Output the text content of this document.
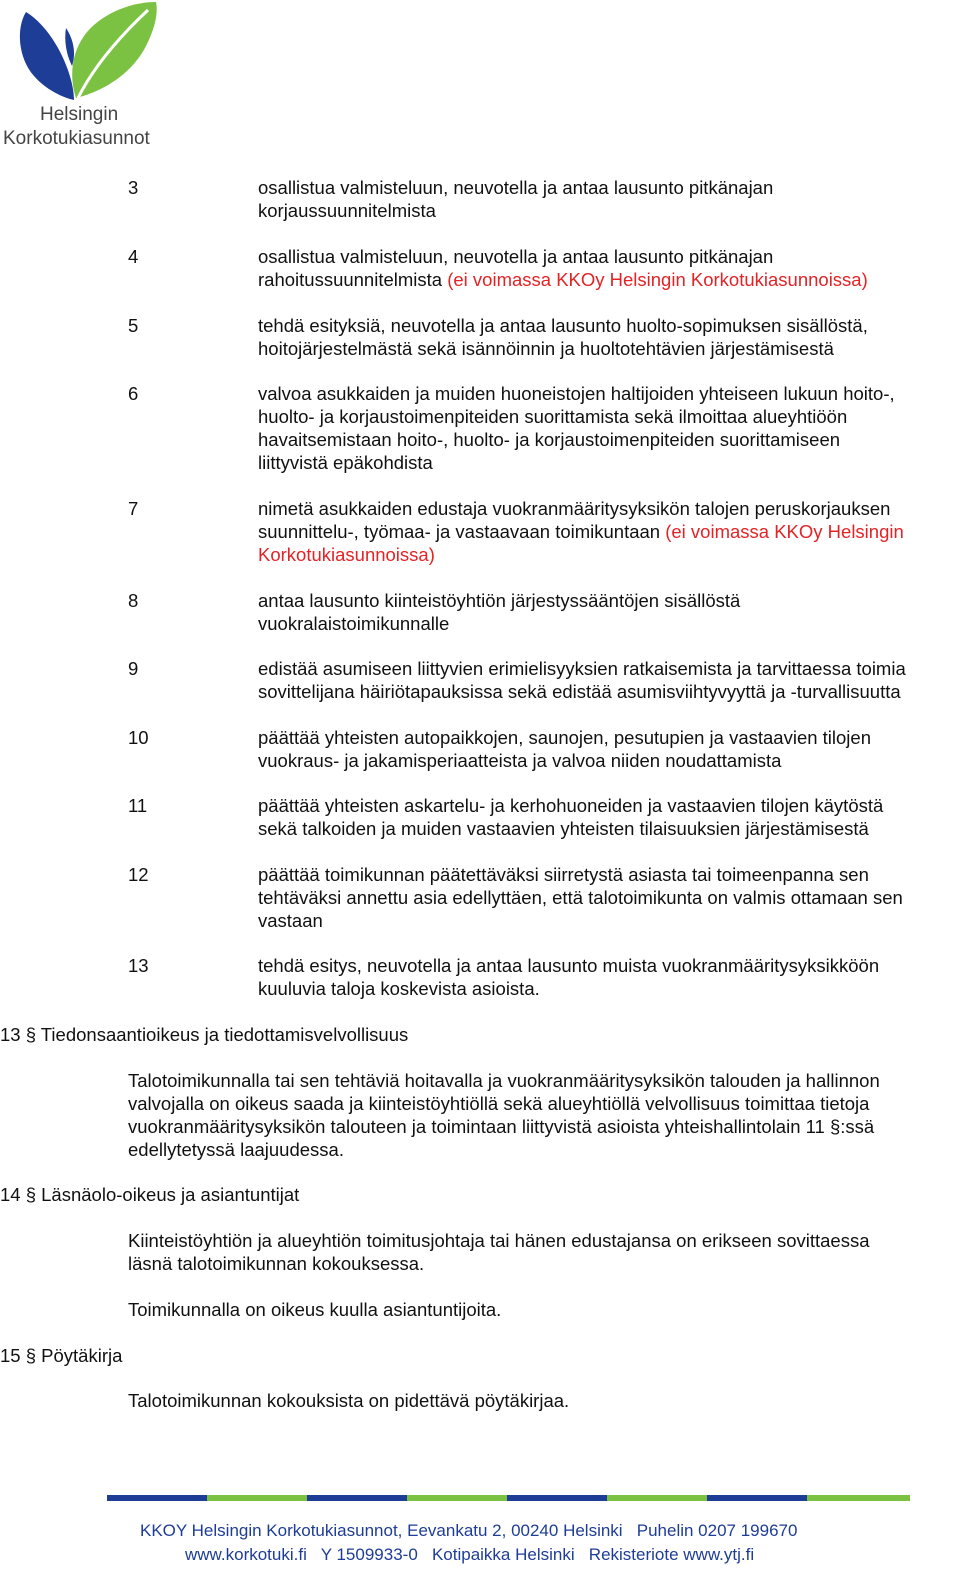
Helsingin
Korkotukiasunnot
3	osallistua valmisteluun, neuvotella ja antaa lausunto pitkänajan
korjaussuunnitelmista
4	osallistua valmisteluun, neuvotella ja antaa lausunto pitkänajan
rahoitussuunnitelmista (ei voimassa KKOy Helsingin Korkotukiasunnoissa)
5	tehdä esityksiä, neuvotella ja antaa lausunto huolto-sopimuksen sisällöstä,
hoitojärjestelmästä sekä isännöinnin ja huoltotehtävien järjestämisestä
6	valvoa asukkaiden ja muiden huoneistojen haltijoiden yhteiseen lukuun hoito-,
huolto- ja korjaustoimenpiteiden suorittamista sekä ilmoittaa alueyhtiöön
havaitsemistaan hoito-, huolto- ja korjaustoimenpiteiden suorittamiseen
liittyvistä epäkohdista
7	nimetä asukkaiden edustaja vuokranmääritysyksikön talojen peruskorjauksen
suunnittelu-, työmaa- ja vastaavaan toimikuntaan (ei voimassa KKOy Helsingin
Korkotukiasunnoissa)
8	antaa lausunto kiinteistöyhtiön järjestyssääntöjen sisällöstä
vuokralaistoimikunnalle
9	edistää asumiseen liittyvien erimielisyyksien ratkaisemista ja tarvittaessa toimia
sovittelijana häiriötapauksissa sekä edistää asumisviihtyvyyttä ja -turvallisuutta
10	päättää yhteisten autopaikkojen, saunojen, pesutupien ja vastaavien tilojen
vuokraus- ja jakamisperiaatteista ja valvoa niiden noudattamista
11	päättää yhteisten askartelu- ja kerhohuoneiden ja vastaavien tilojen käytöstä
sekä talkoiden ja muiden vastaavien yhteisten tilaisuuksien järjestämisestä
12	päättää toimikunnan päätettäväksi siirretystä asiasta tai toimeenpanna sen
tehtäväksi annettu asia edellyttäen, että talotoimikunta on valmis ottamaan sen
vastaan
13	tehdä esitys, neuvotella ja antaa lausunto muista vuokranmääritysyksikköön
kuuluvia taloja koskevista asioista.
13 § Tiedonsaantioikeus ja tiedottamisvelvollisuus
Talotoimikunnalla tai sen tehtäviä hoitavalla ja vuokranmääritysyksikön talouden ja hallinnon
valvojalla on oikeus saada ja kiinteistöyhtiöllä sekä alueyhtiöllä velvollisuus toimittaa tietoja
vuokranmääritysyksikön talouteen ja toimintaan liittyvistä asioista yhteishallintolain 11 §:ssä
edellytetyssä laajuudessa.
14 § Läsnäolo-oikeus ja asiantuntijat
Kiinteistöyhtiön ja alueyhtiön toimitusjohtaja tai hänen edustajansa on erikseen sovittaessa
läsnä talotoimikunnan kokouksessa.
Toimikunnalla on oikeus kuulla asiantuntijoita.
15 § Pöytäkirja
Talotoimikunnan kokouksista on pidettävä pöytäkirjaa.
KKOY Helsingin Korkotukiasunnot, Eevankatu 2, 00240 Helsinki   Puhelin 0207 199670
www.korkotuki.fi   Y 1509933-0   Kotipaikka Helsinki   Rekisteriote www.ytj.fi
